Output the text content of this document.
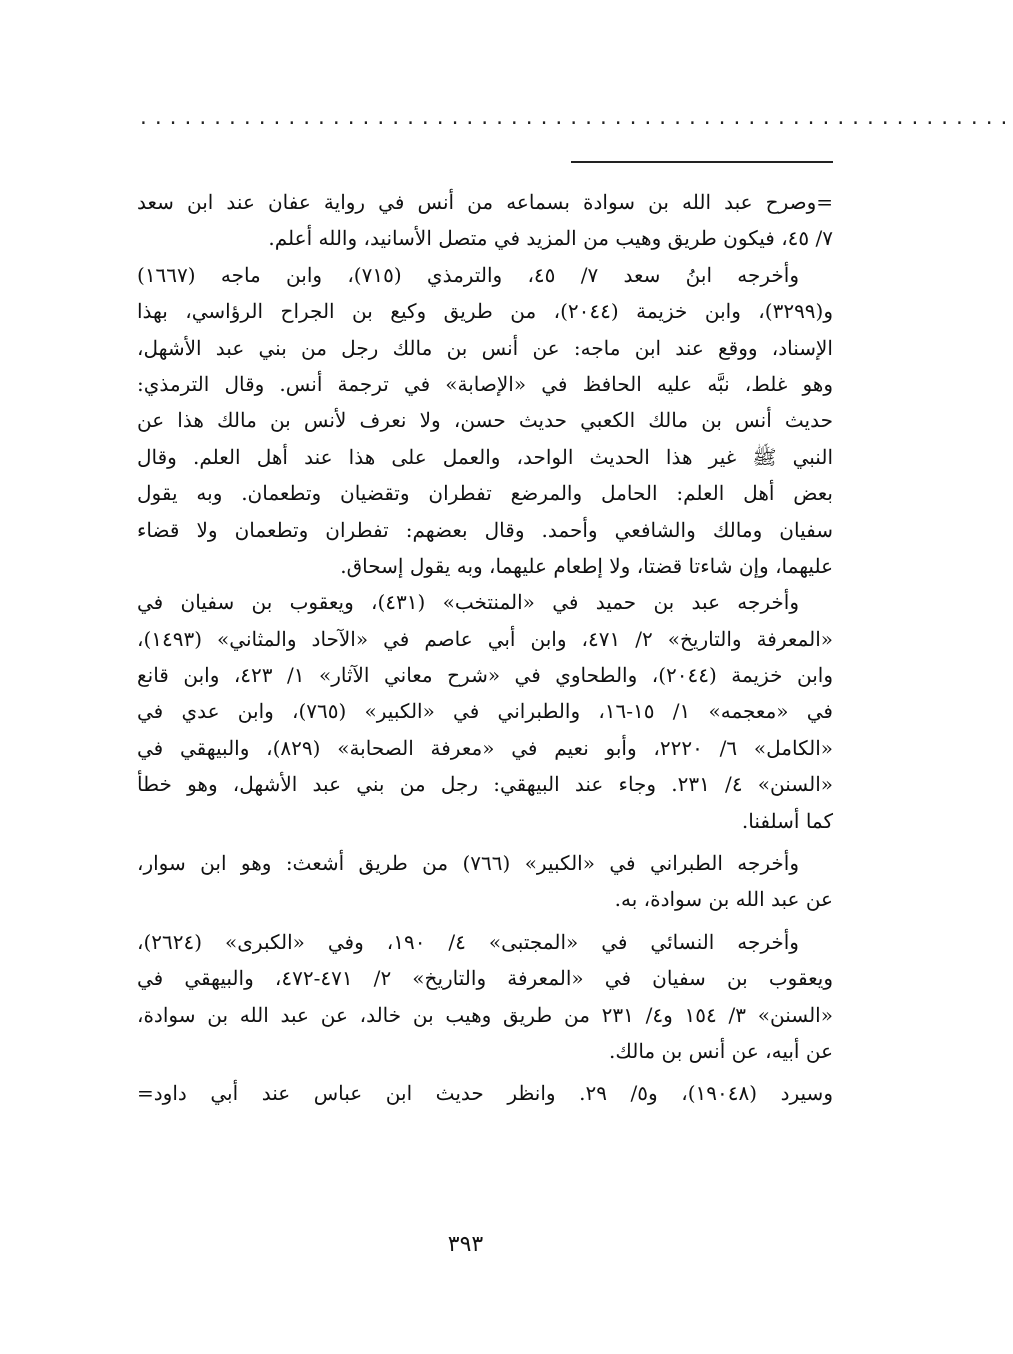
...........................................................

=وصرح عبد الله بن سوادة بسماعه من أنس في رواية عفان عند ابن سعد
٧/ ٤٥، فيكون طريق وهيب من المزيد في متصل الأسانيد، والله أعلم.

وأخرجه ابنُ سعد ٧/ ٤٥، والترمذي (٧١٥)، وابن ماجه (١٦٦٧)
و(٣٢٩٩)، وابن خزيمة (٢٠٤٤)، من طريق وكيع بن الجراح الرؤاسي، بهذا
الإسناد، ووقع عند ابن ماجه: عن أنس بن مالك رجل من بني عبد الأشهل،
وهو غلط، نبَّه عليه الحافظ في «الإصابة» في ترجمة أنس. وقال الترمذي:
حديث أنس بن مالك الكعبي حديث حسن، ولا نعرف لأنس بن مالك هذا عن
النبي ﷺ غير هذا الحديث الواحد، والعمل على هذا عند أهل العلم. وقال
بعض أهل العلم: الحامل والمرضع تفطران وتقضيان وتطعمان. وبه يقول
سفيان ومالك والشافعي وأحمد. وقال بعضهم: تفطران وتطعمان ولا قضاء
عليهما، وإن شاءتا قضتا، ولا إطعام عليهما، وبه يقول إسحاق.

وأخرجه عبد بن حميد في «المنتخب» (٤٣١)، ويعقوب بن سفيان في
«المعرفة والتاريخ» ٢/ ٤٧١، وابن أبي عاصم في «الآحاد والمثاني» (١٤٩٣)،
وابن خزيمة (٢٠٤٤)، والطحاوي في «شرح معاني الآثار» ١/ ٤٢٣، وابن قانع
في «معجمه» ١/ ١٥-١٦، والطبراني في «الكبير» (٧٦٥)، وابن عدي في
«الكامل» ٦/ ٢٢٢٠، وأبو نعيم في «معرفة الصحابة» (٨٢٩)، والبيهقي في
«السنن» ٤/ ٢٣١. وجاء عند البيهقي: رجل من بني عبد الأشهل، وهو خطأ
كما أسلفنا.

وأخرجه الطبراني في «الكبير» (٧٦٦) من طريق أشعث: وهو ابن سوار،
عن عبد الله بن سوادة، به.

وأخرجه النسائي في «المجتبى» ٤/ ١٩٠، وفي «الكبرى» (٢٦٢٤)،
ويعقوب بن سفيان في «المعرفة والتاريخ» ٢/ ٤٧١-٤٧٢، والبيهقي في
«السنن» ٣/ ١٥٤ و٤/ ٢٣١ من طريق وهيب بن خالد، عن عبد الله بن سوادة،
عن أبيه، عن أنس بن مالك.

وسيرد (١٩٠٤٨)، و٥/ ٢٩. وانظر حديث ابن عباس عند أبي داود=

٣٩٣
